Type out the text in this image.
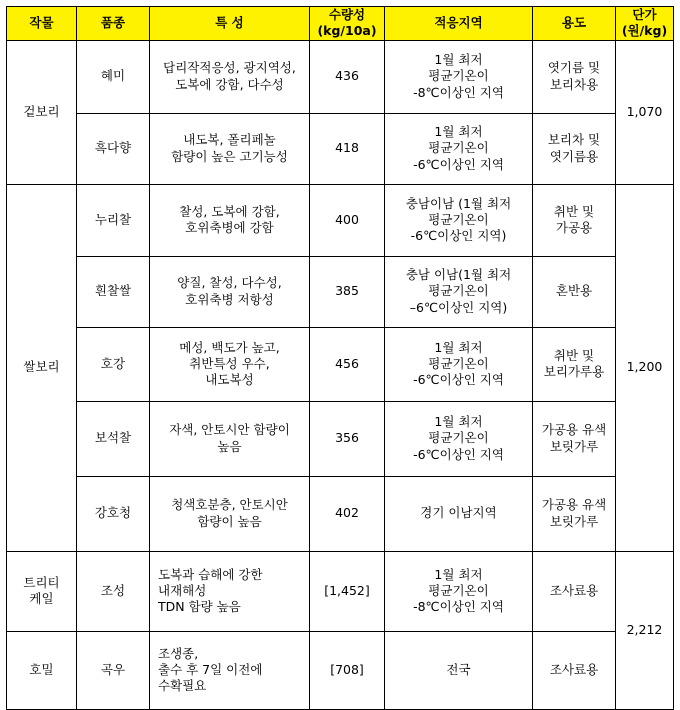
작물	품종	특 성	수량성 (kg/10a)	적응지역	용도	단가 (원/kg)
겉보리	혜미	답리작적응성, 광지역성,
도복에 강함, 다수성	436	1월 최저
평균기온이
-8℃이상인 지역	엿기름 및
보리차용	1,070
	흑다향	내도복, 폴리페놀
함량이 높은 고기능성	418	1월 최저
평균기온이
-6℃이상인 지역	보리차 및
엿기름용	
쌀보리	누리찰	찰성, 도복에 강함,
호위축병에 강함	400	충남이남 (1월 최저
평균기온이
-6℃이상인 지역)	취반 및
가공용	1,200
	흰찰쌀	양질, 찰성, 다수성,
호위축병 저항성	385	충남 이남(1월 최저
평균기온이
–6℃이상인 지역)	혼반용	
	호강	메성, 백도가 높고,
취반특성 우수,
내도복성	456	1월 최저
평균기온이
-6℃이상인 지역	취반 및
보리가루용	
	보석찰	자색, 안토시안 함량이
높음	356	1월 최저
평균기온이
-6℃이상인 지역	가공용 유색
보릿가루	
	강호청	청색호분층, 안토시안
함량이 높음	402	경기 이남지역	가공용 유색
보릿가루	
트리티
케일	조성	도복과 습해에 강한
내재해성
TDN 함량 높음	[1,452]	1월 최저
평균기온이
-8℃이상인 지역	조사료용	2,212
호밀	곡우	조생종,
출수 후 7일 이전에
수확필요	[708]	전국	조사료용	
